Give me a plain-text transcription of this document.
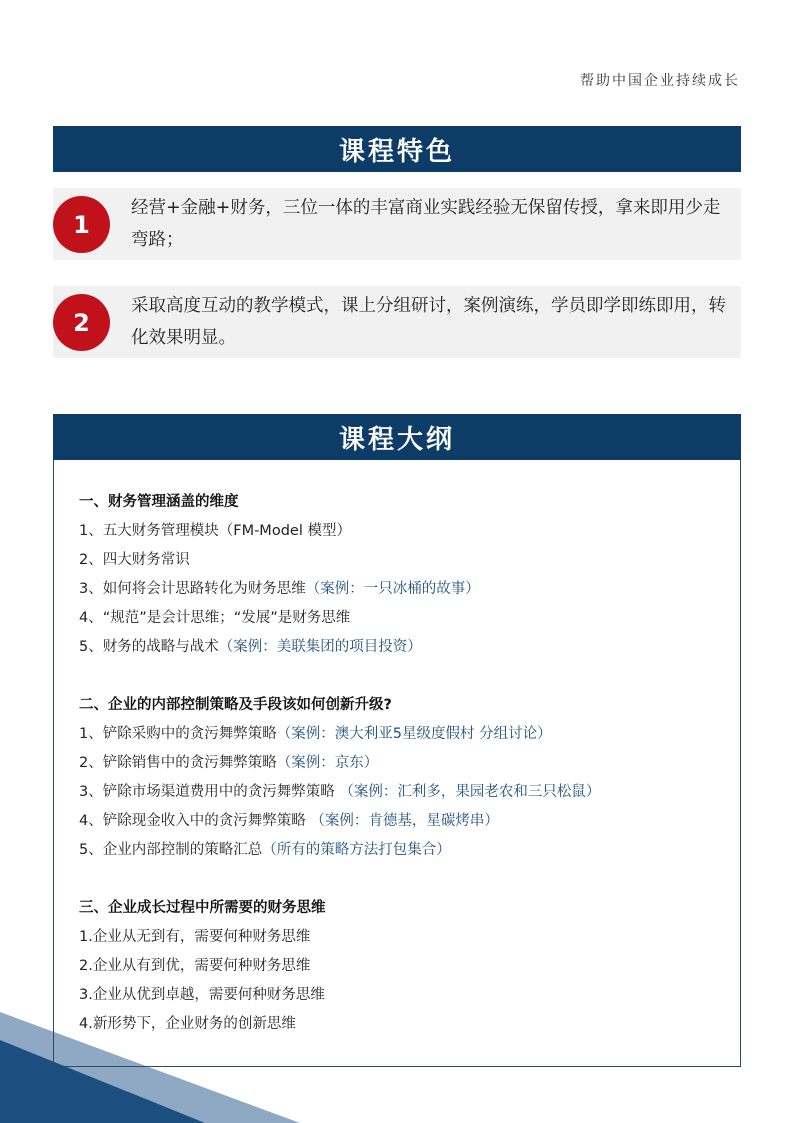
帮助中国企业持续成长
课程特色
1
经营+金融+财务，三位一体的丰富商业实践经验无保留传授，拿来即用少走弯路；
2
采取高度互动的教学模式，课上分组研讨，案例演练，学员即学即练即用，转化效果明显。
课程大纲
一、财务管理涵盖的维度
1、五大财务管理模块（FM-Model 模型）
2、四大财务常识
3、如何将会计思路转化为财务思维（案例：一只冰桶的故事）
4、“规范”是会计思维；“发展”是财务思维
5、财务的战略与战术（案例：美联集团的项目投资）
二、企业的内部控制策略及手段该如何创新升级?
1、铲除采购中的贪污舞弊策略（案例：澳大利亚5星级度假村 分组讨论）
2、铲除销售中的贪污舞弊策略（案例：京东）
3、铲除市场渠道费用中的贪污舞弊策略 （案例：汇利多，果园老农和三只松鼠）
4、铲除现金收入中的贪污舞弊策略 （案例：肯德基，星碳烤串）
5、企业内部控制的策略汇总（所有的策略方法打包集合）
三、企业成长过程中所需要的财务思维
1.企业从无到有，需要何种财务思维
2.企业从有到优，需要何种财务思维
3.企业从优到卓越，需要何种财务思维
4.新形势下，企业财务的创新思维
